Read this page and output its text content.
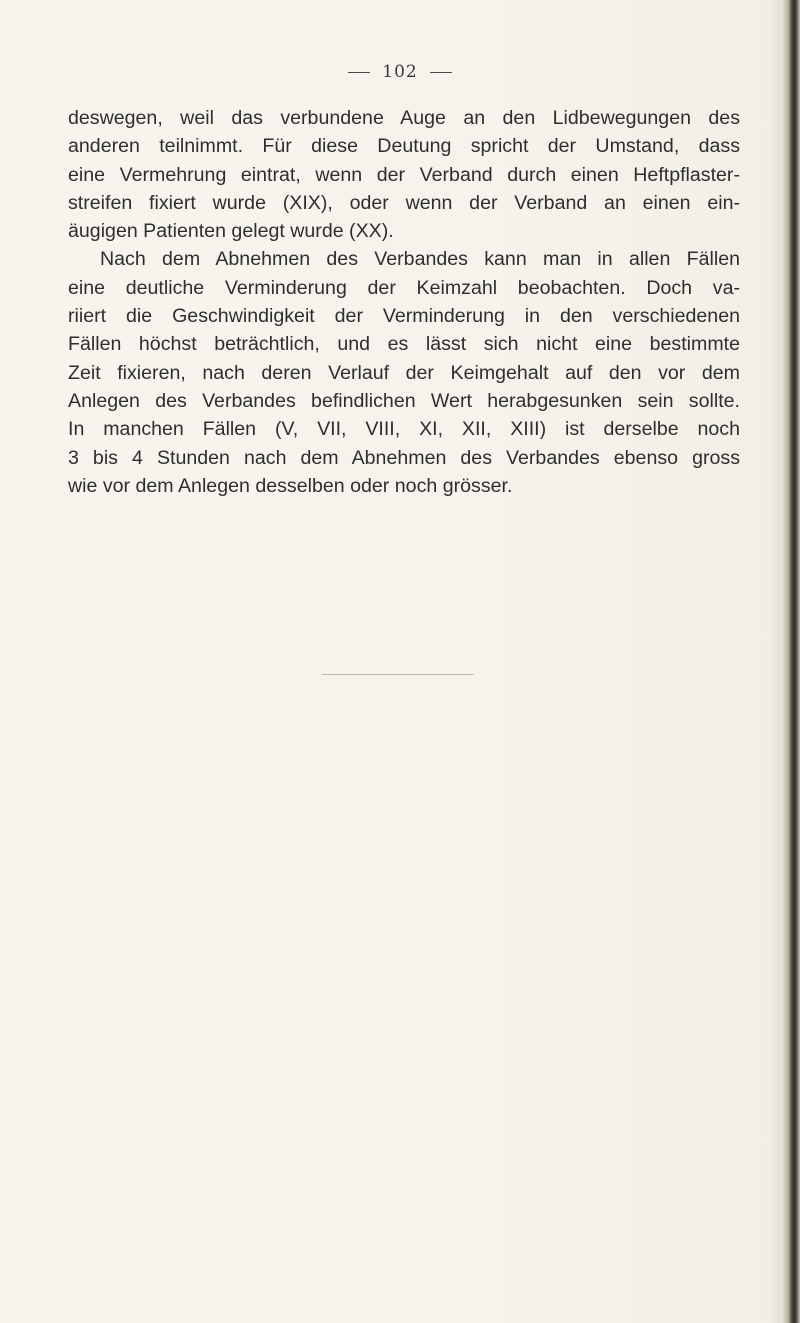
102
deswegen, weil das verbundene Auge an den Lidbewegungen des
anderen teilnimmt. Für diese Deutung spricht der Umstand, dass
eine Vermehrung eintrat, wenn der Verband durch einen Heftpflaster-
streifen fixiert wurde (XIX), oder wenn der Verband an einen ein-
äugigen Patienten gelegt wurde (XX).
Nach dem Abnehmen des Verbandes kann man in allen Fällen
eine deutliche Verminderung der Keimzahl beobachten. Doch va-
riiert die Geschwindigkeit der Verminderung in den verschiedenen
Fällen höchst beträchtlich, und es lässt sich nicht eine bestimmte
Zeit fixieren, nach deren Verlauf der Keimgehalt auf den vor dem
Anlegen des Verbandes befindlichen Wert herabgesunken sein sollte.
In manchen Fällen (V, VII, VIII, XI, XII, XIII) ist derselbe noch
3 bis 4 Stunden nach dem Abnehmen des Verbandes ebenso gross
wie vor dem Anlegen desselben oder noch grösser.
